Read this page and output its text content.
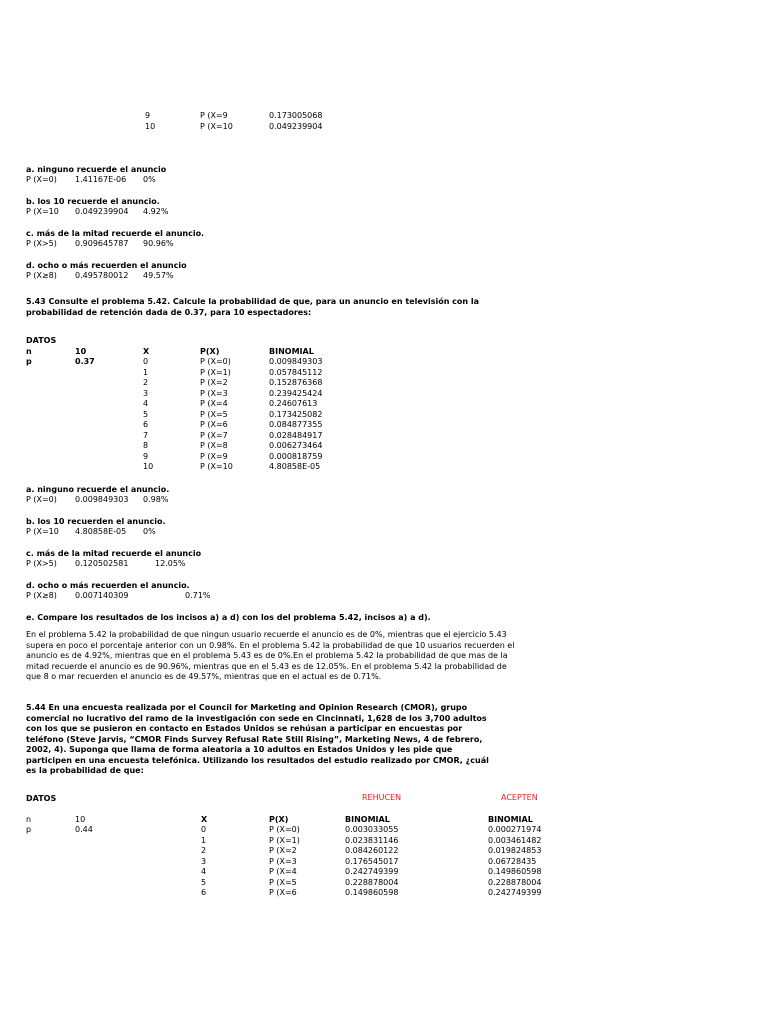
9	P (X=9	0.173005068
10	P (X=10	0.049239904
a. ninguno recuerde el anuncio
P (X=0) 1.41167E-06 0%
b. los 10 recuerde el anuncio.
P (X=10 0.049239904 4.92%
c. más de la mitad recuerde el anuncio.
P (X>5) 0.909645787 90.96%
d. ocho o más recuerden el anuncio
P (X≥8) 0.495780012 49.57%
5.43 Consulte el problema 5.42. Calcule la probabilidad de que, para un anuncio en televisión con la
probabilidad de retención dada de 0.37, para 10 espectadores:
DATOS
n	10	X	P(X)	BINOMIAL
p	0.37	0	P (X=0)	0.009849303
1	P (X=1)	0.057845112
2	P (X=2	0.152876368
3	P (X=3	0.239425424
4	P (X=4	0.24607613
5	P (X=5	0.173425082
6	P (X=6	0.084877355
7	P (X=7	0.028484917
8	P (X=8	0.006273464
9	P (X=9	0.000818759
10	P (X=10	4.80858E-05
a. ninguno recuerde el anuncio.
P (X=0) 0.009849303 0.98%
b. los 10 recuerden el anuncio.
P (X=10 4.80858E-05 0%
c. más de la mitad recuerde el anuncio
P (X>5) 0.120502581	12.05%
d. ocho o más recuerden el anuncio.
P (X≥8) 0.007140309	0.71%
e. Compare los resultados de los incisos a) a d) con los del problema 5.42, incisos a) a d).
En el problema 5.42 la probabilidad de que ningun usuario recuerde el anuncio es de 0%, mientras que el ejercicio 5.43 supera en poco el porcentaje anterior con un 0.98%. En el problema 5.42 la probabilidad de que 10 usuarios recuerden el anuncio es de 4.92%, mientras que en el problema 5.43 es de 0%.En el problema 5.42 la probabilidad de que mas de la mitad recuerde el anuncio es de 90.96%, mientras que en el 5.43 es de 12.05%. En el problema 5.42 la probabilidad de que 8 o mar recuerden el anuncio es de 49.57%, mientras que en el actual es de 0.71%.
5.44 En una encuesta realizada por el Council for Marketing and Opinion Research (CMOR), grupo
comercial no lucrativo del ramo de la investigación con sede en Cincinnati, 1,628 de los 3,700 adultos
con los que se pusieron en contacto en Estados Unidos se rehúsan a participar en encuestas por
teléfono (Steve Jarvis, “CMOR Finds Survey Refusal Rate Still Rising”, Marketing News, 4 de febrero,
2002, 4). Suponga que llama de forma aleatoria a 10 adultos en Estados Unidos y les pide que
participen en una encuesta telefónica. Utilizando los resultados del estudio realizado por CMOR, ¿cuál
es la probabilidad de que:
DATOS	REHUCEN	ACEPTEN
n	10	X	P(X)	BINOMIAL	BINOMIAL
p	0.44	0	P (X=0)	0.003033055	0.000271974
1	P (X=1)	0.023831146	0.003461482
2	P (X=2	0.084260122	0.019824853
3	P (X=3	0.176545017	0.06728435
4	P (X=4	0.242749399	0.149860598
5	P (X=5	0.228878004	0.228878004
6	P (X=6	0.149860598	0.242749399
